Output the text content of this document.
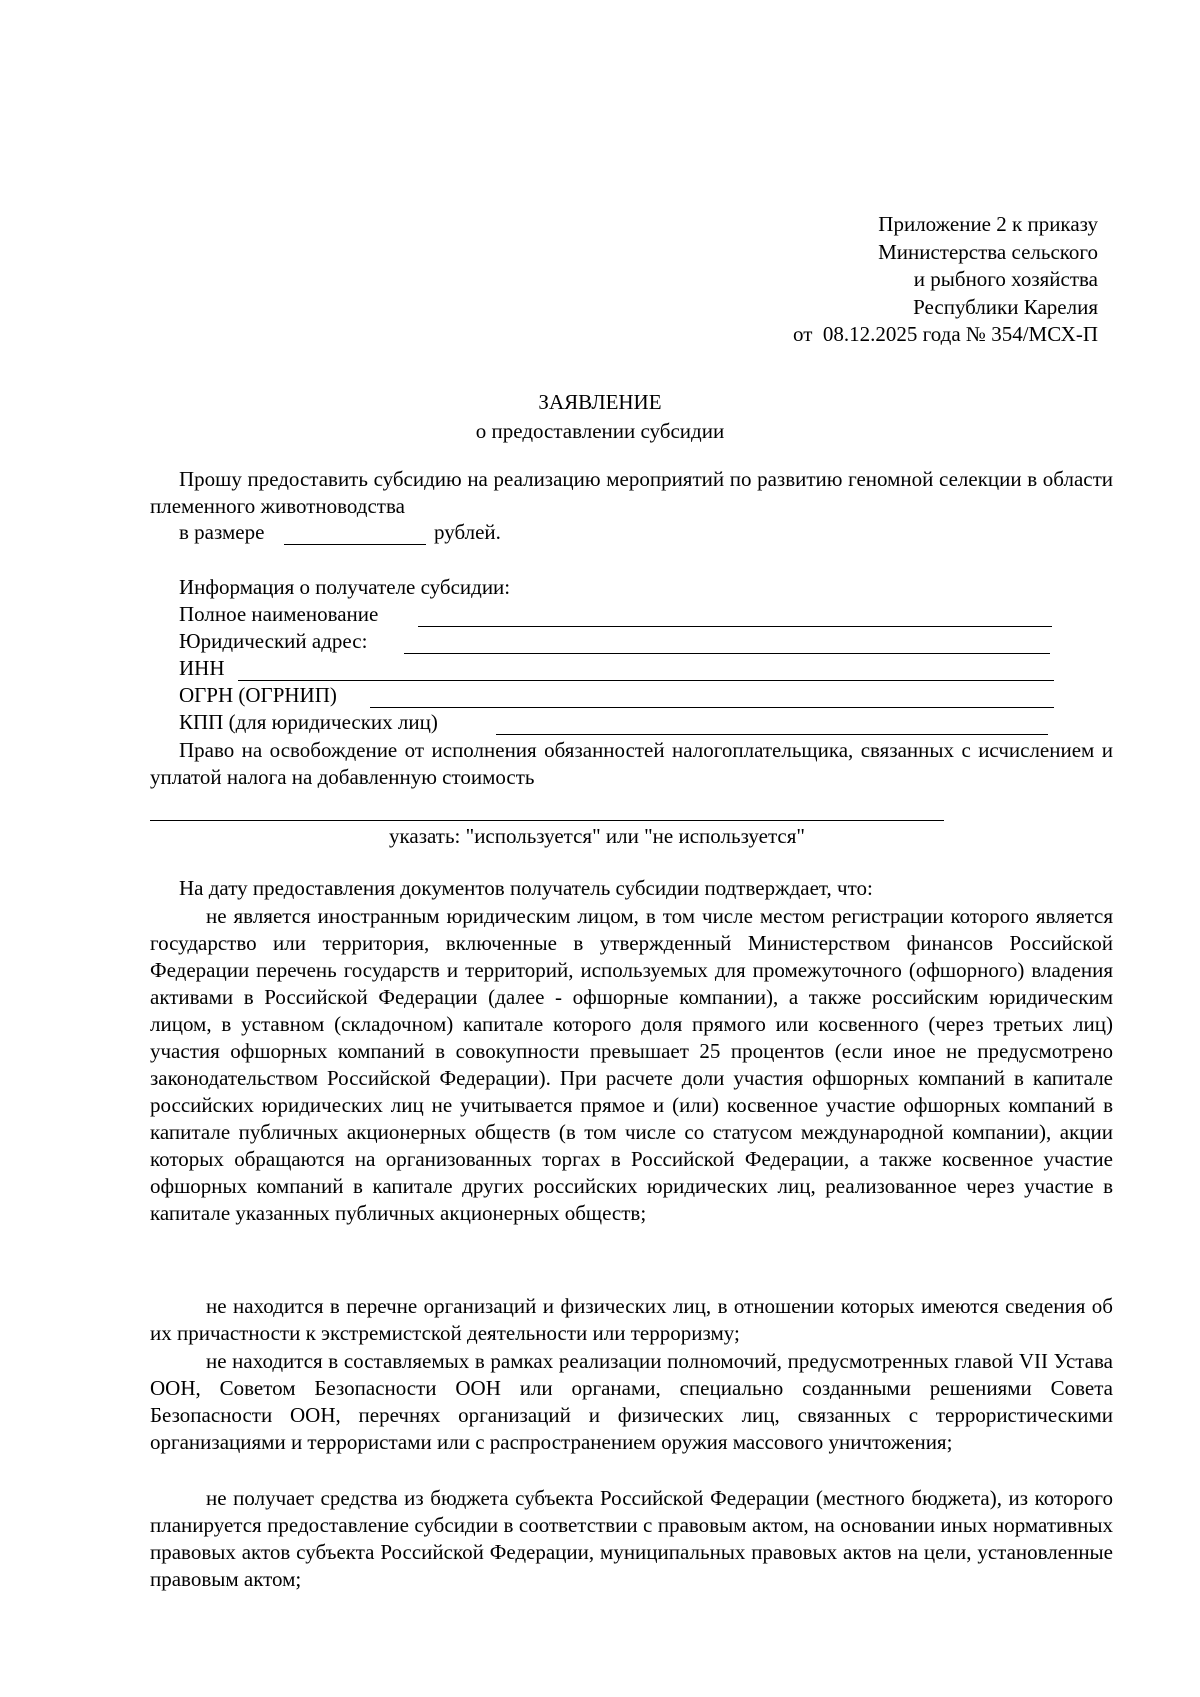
Приложение 2 к приказу
Министерства сельского
и рыбного хозяйства
Республики Карелия
от  08.12.2025 года № 354/МСХ-П
ЗАЯВЛЕНИЕ
о предоставлении субсидии
Прошу предоставить субсидию на реализацию мероприятий по развитию геномной селекции в области племенного животноводства
в размере	рублей.
Информация о получателе субсидии:
Полное наименование
Юридический адрес:
ИНН
ОГРН (ОГРНИП)
КПП (для юридических лиц)
Право на освобождение от исполнения обязанностей налогоплательщика, связанных с исчислением и уплатой налога на добавленную стоимость
указать: "используется" или "не используется"
На дату предоставления документов получатель субсидии подтверждает, что:
не является иностранным юридическим лицом, в том числе местом регистрации которого является государство или территория, включенные в утвержденный Министерством финансов Российской Федерации перечень государств и территорий, используемых для промежуточного (офшорного) владения активами в Российской Федерации (далее - офшорные компании), а также российским юридическим лицом, в уставном (складочном) капитале которого доля прямого или косвенного (через третьих лиц) участия офшорных компаний в совокупности превышает 25 процентов (если иное не предусмотрено законодательством Российской Федерации). При расчете доли участия офшорных компаний в капитале российских юридических лиц не учитывается прямое и (или) косвенное участие офшорных компаний в капитале публичных акционерных обществ (в том числе со статусом международной компании), акции которых обращаются на организованных торгах в Российской Федерации, а также косвенное участие офшорных компаний в капитале других российских юридических лиц, реализованное через участие в капитале указанных публичных акционерных обществ;
не находится в перечне организаций и физических лиц, в отношении которых имеются сведения об их причастности к экстремистской деятельности или терроризму;
не находится в составляемых в рамках реализации полномочий, предусмотренных главой VII Устава ООН, Советом Безопасности ООН или органами, специально созданными решениями Совета Безопасности ООН, перечнях организаций и физических лиц, связанных с террористическими организациями и террористами или с распространением оружия массового уничтожения;
не получает средства из бюджета субъекта Российской Федерации (местного бюджета), из которого планируется предоставление субсидии в соответствии с правовым актом, на основании иных нормативных правовых актов субъекта Российской Федерации, муниципальных правовых актов на цели, установленные правовым актом;
